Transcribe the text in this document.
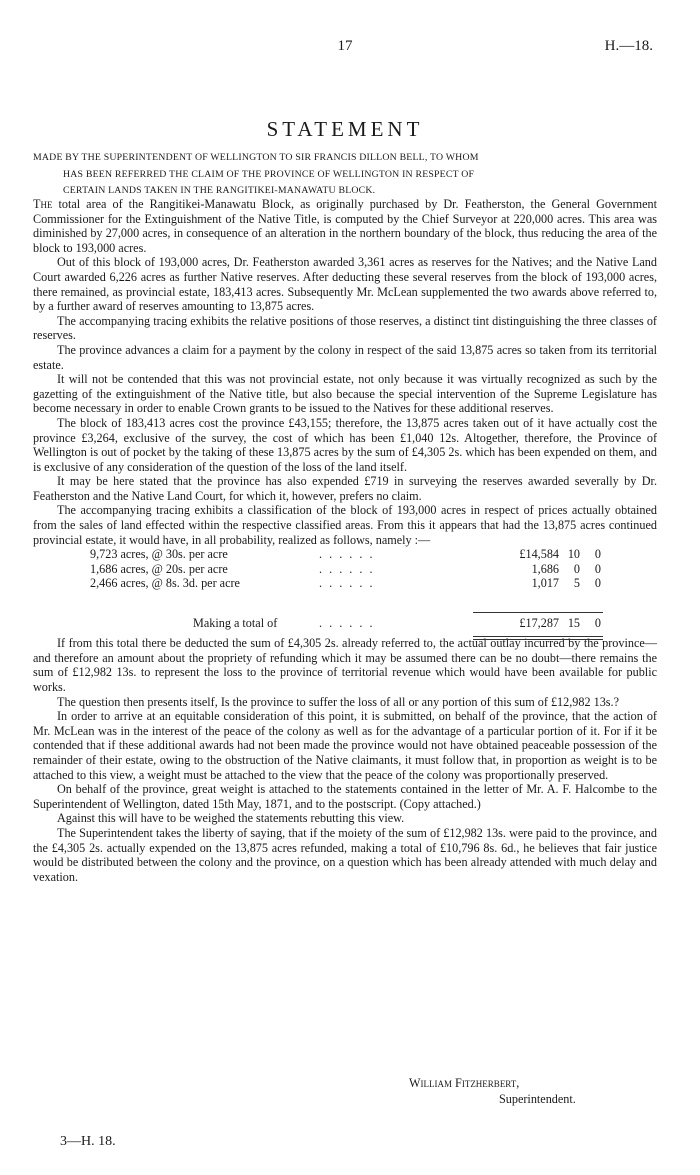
17	H.—18.
STATEMENT
MADE BY THE SUPERINTENDENT OF WELLINGTON TO SIR FRANCIS DILLON BELL, TO WHOM
HAS BEEN REFERRED THE CLAIM OF THE PROVINCE OF WELLINGTON IN RESPECT OF
CERTAIN LANDS TAKEN IN THE RANGITIKEI-MANAWATU BLOCK.

The total area of the Rangitikei-Manawatu Block, as originally purchased by Dr. Featherston, the General Government Commissioner for the Extinguishment of the Native Title, is computed by the Chief Surveyor at 220,000 acres. This area was diminished by 27,000 acres, in consequence of an alteration in the northern boundary of the block, thus reducing the area of the block to 193,000 acres.

Out of this block of 193,000 acres, Dr. Featherston awarded 3,361 acres as reserves for the Natives; and the Native Land Court awarded 6,226 acres as further Native reserves. After deducting these several reserves from the block of 193,000 acres, there remained, as provincial estate, 183,413 acres. Subsequently Mr. McLean supplemented the two awards above referred to, by a further award of reserves amounting to 13,875 acres.

The accompanying tracing exhibits the relative positions of those reserves, a distinct tint distinguishing the three classes of reserves.

The province advances a claim for a payment by the colony in respect of the said 13,875 acres so taken from its territorial estate.

It will not be contended that this was not provincial estate, not only because it was virtually recognized as such by the gazetting of the extinguishment of the Native title, but also because the special intervention of the Supreme Legislature has become necessary in order to enable Crown grants to be issued to the Natives for these additional reserves.

The block of 183,413 acres cost the province £43,155; therefore, the 13,875 acres taken out of it have actually cost the province £3,264, exclusive of the survey, the cost of which has been £1,040 12s. Altogether, therefore, the Province of Wellington is out of pocket by the taking of these 13,875 acres by the sum of £4,305 2s. which has been expended on them, and is exclusive of any consideration of the question of the loss of the land itself.

It may be here stated that the province has also expended £719 in surveying the reserves awarded severally by Dr. Featherston and the Native Land Court, for which it, however, prefers no claim.

The accompanying tracing exhibits a classification of the block of 193,000 acres in respect of prices actually obtained from the sales of land effected within the respective classified areas. From this it appears that had the 13,875 acres continued provincial estate, it would have, in all probability, realized as follows, namely :—

9,723 acres, @ 30s. per acre	. . . . . .	£14,584 10	0
1,686 acres, @ 20s. per acre	. . . . . .	1,686	0	0
2,466 acres, @ 8s. 3d. per acre	. . . . . .	1,017	5	0
Making a total of	. . . . . .	£17,287 15	0

If from this total there be deducted the sum of £4,305 2s. already referred to, the actual outlay incurred by the province—and therefore an amount about the propriety of refunding which it may be assumed there can be no doubt—there remains the sum of £12,982 13s. to represent the loss to the province of territorial revenue which would have been available for public works.

The question then presents itself, Is the province to suffer the loss of all or any portion of this sum of £12,982 13s.?

In order to arrive at an equitable consideration of this point, it is submitted, on behalf of the province, that the action of Mr. McLean was in the interest of the peace of the colony as well as for the advantage of a particular portion of it. For if it be contended that if these additional awards had not been made the province would not have obtained peaceable possession of the remainder of their estate, owing to the obstruction of the Native claimants, it must follow that, in proportion as weight is to be attached to this view, a weight must be attached to the view that the peace of the colony was proportionally preserved.

On behalf of the province, great weight is attached to the statements contained in the letter of Mr. A. F. Halcombe to the Superintendent of Wellington, dated 15th May, 1871, and to the postscript. (Copy attached.)

Against this will have to be weighed the statements rebutting this view.

The Superintendent takes the liberty of saying, that if the moiety of the sum of £12,982 13s. were paid to the province, and the £4,305 2s. actually expended on the 13,875 acres refunded, making a total of £10,796 8s. 6d., he believes that fair justice would be distributed between the colony and the province, on a question which has been already attended with much delay and vexation.

William Fitzherbert,
Superintendent.
3—H. 18.
